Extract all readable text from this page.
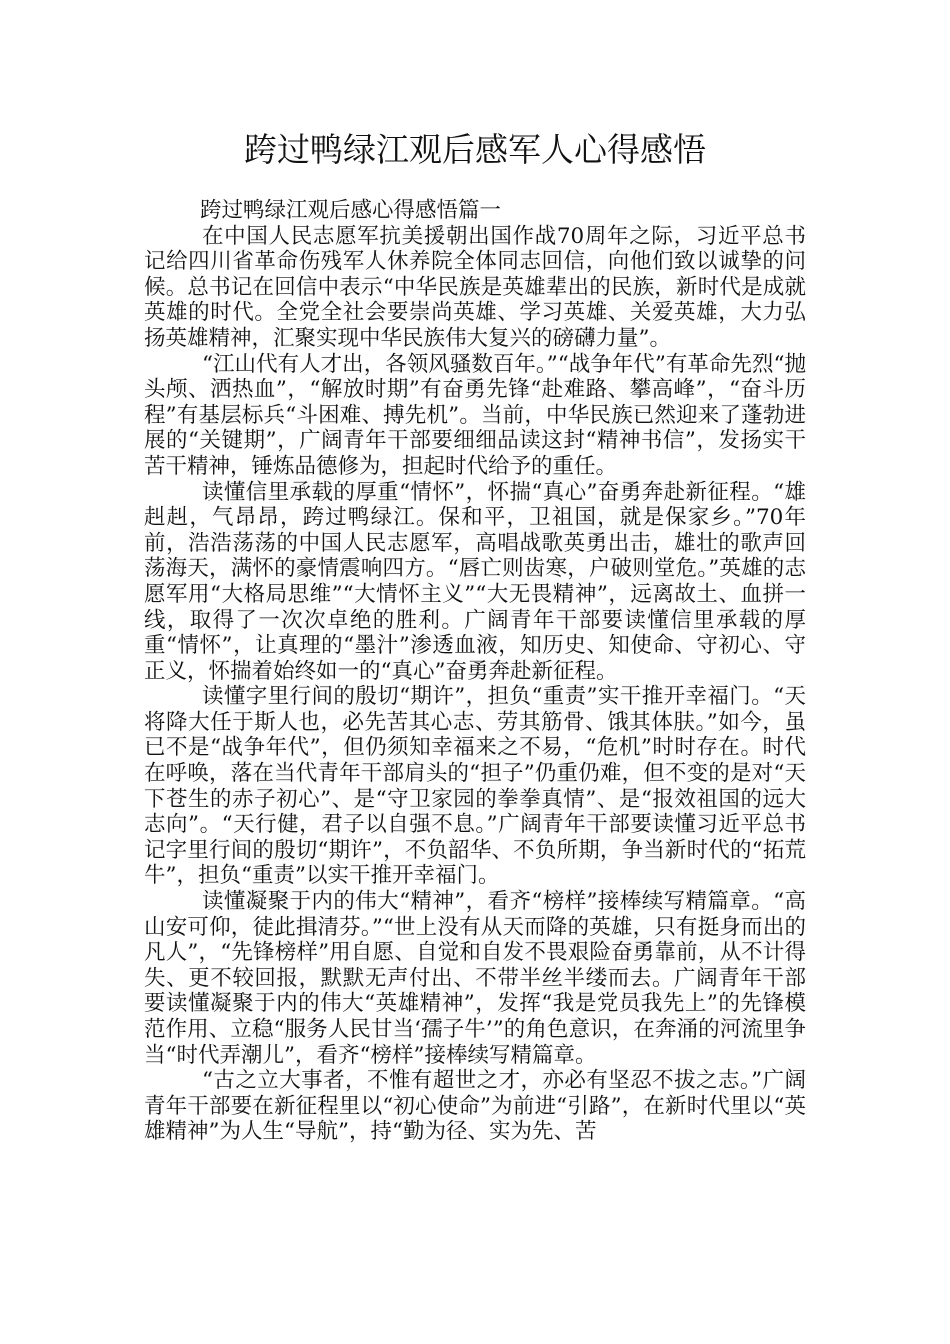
跨过鸭绿江观后感军人心得感悟

跨过鸭绿江观后感心得感悟篇一

在中国人民志愿军抗美援朝出国作战70周年之际，习近平总书记给四川省革命伤残军人休养院全体同志回信，向他们致以诚挚的问候。总书记在回信中表示“中华民族是英雄辈出的民族，新时代是成就英雄的时代。全党全社会要崇尚英雄、学习英雄、关爱英雄，大力弘扬英雄精神，汇聚实现中华民族伟大复兴的磅礴力量”。

“江山代有人才出，各领风骚数百年。”“战争年代”有革命先烈“抛头颅、洒热血”，“解放时期”有奋勇先锋“赴难路、攀高峰”，“奋斗历程”有基层标兵“斗困难、搏先机”。当前，中华民族已然迎来了蓬勃进展的“关键期”，广阔青年干部要细细品读这封“精神书信”，发扬实干苦干精神，锤炼品德修为，担起时代给予的重任。

读懂信里承载的厚重“情怀”，怀揣“真心”奋勇奔赴新征程。“雄赳赳，气昂昂，跨过鸭绿江。保和平，卫祖国，就是保家乡。”70年前，浩浩荡荡的中国人民志愿军，高唱战歌英勇出击，雄壮的歌声回荡海天，满怀的豪情震响四方。“唇亡则齿寒，户破则堂危。”英雄的志愿军用“大格局思维”“大情怀主义”“大无畏精神”，远离故土、血拼一线，取得了一次次卓绝的胜利。广阔青年干部要读懂信里承载的厚重“情怀”，让真理的“墨汁”渗透血液，知历史、知使命、守初心、守正义，怀揣着始终如一的“真心”奋勇奔赴新征程。

读懂字里行间的殷切“期许”，担负“重责”实干推开幸福门。“天将降大任于斯人也，必先苦其心志、劳其筋骨、饿其体肤。”如今，虽已不是“战争年代”，但仍须知幸福来之不易，“危机”时时存在。时代在呼唤，落在当代青年干部肩头的“担子”仍重仍难，但不变的是对“天下苍生的赤子初心”、是“守卫家园的拳拳真情”、是“报效祖国的远大志向”。“天行健，君子以自强不息。”广阔青年干部要读懂习近平总书记字里行间的殷切“期许”，不负韶华、不负所期，争当新时代的“拓荒牛”，担负“重责”以实干推开幸福门。

读懂凝聚于内的伟大“精神”，看齐“榜样”接棒续写精篇章。“高山安可仰，徒此揖清芬。”“世上没有从天而降的英雄，只有挺身而出的凡人”，“先锋榜样”用自愿、自觉和自发不畏艰险奋勇靠前，从不计得失、更不较回报，默默无声付出、不带半丝半缕而去。广阔青年干部要读懂凝聚于内的伟大“英雄精神”，发挥“我是党员我先上”的先锋模范作用、立稳“服务人民甘当‘孺子牛’”的角色意识，在奔涌的河流里争当“时代弄潮儿”，看齐“榜样”接棒续写精篇章。

“古之立大事者，不惟有超世之才，亦必有坚忍不拔之志。”广阔青年干部要在新征程里以“初心使命”为前进“引路”，在新时代里以“英雄精神”为人生“导航”，持“勤为径、实为先、苦
